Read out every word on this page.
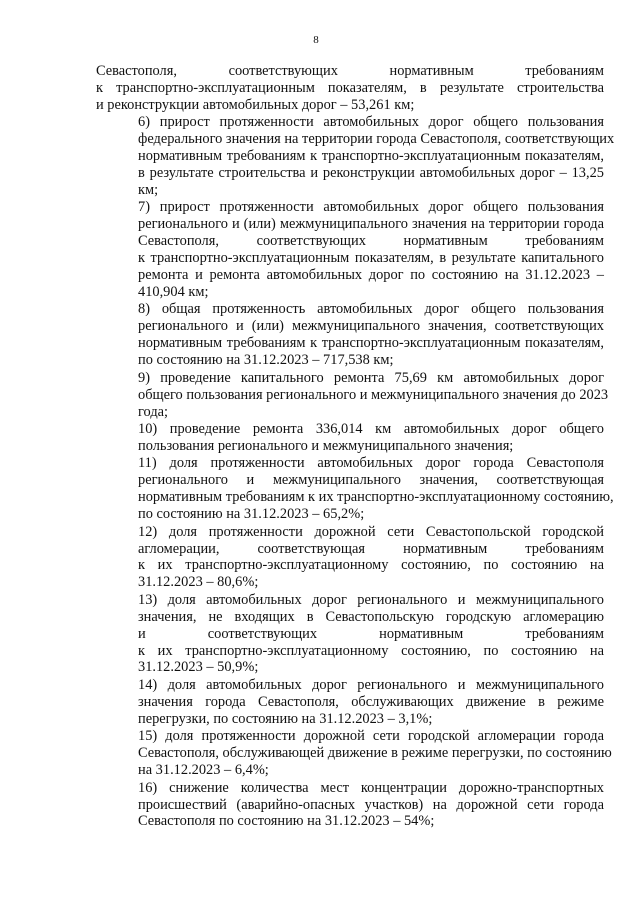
8

Севастополя, соответствующих нормативным требованиям
к транспортно-эксплуатационным показателям, в результате строительства
и реконструкции автомобильных дорог – 53,261 км;

6) прирост протяженности автомобильных дорог общего пользования
федерального значения на территории города Севастополя, соответствующих
нормативным требованиям к транспортно-эксплуатационным показателям,
в результате строительства и реконструкции автомобильных дорог – 13,25
км;

7) прирост протяженности автомобильных дорог общего пользования
регионального и (или) межмуниципального значения на территории города
Севастополя, соответствующих нормативным требованиям
к транспортно-эксплуатационным показателям, в результате капитального
ремонта и ремонта автомобильных дорог по состоянию на 31.12.2023 –
410,904 км;

8) общая протяженность автомобильных дорог общего пользования
регионального и (или) межмуниципального значения, соответствующих
нормативным требованиям к транспортно-эксплуатационным показателям,
по состоянию на 31.12.2023 – 717,538 км;

9) проведение капитального ремонта 75,69 км автомобильных дорог
общего пользования регионального и межмуниципального значения до 2023
года;

10) проведение ремонта 336,014 км автомобильных дорог общего
пользования регионального и межмуниципального значения;

11) доля протяженности автомобильных дорог города Севастополя
регионального и межмуниципального значения, соответствующая
нормативным требованиям к их транспортно-эксплуатационному состоянию,
по состоянию на 31.12.2023 – 65,2%;

12) доля протяженности дорожной сети Севастопольской городской
агломерации, соответствующая нормативным требованиям
к их транспортно-эксплуатационному состоянию, по состоянию на
31.12.2023 – 80,6%;

13) доля автомобильных дорог регионального и межмуниципального
значения, не входящих в Севастопольскую городскую агломерацию
и соответствующих нормативным требованиям
к их транспортно-эксплуатационному состоянию, по состоянию на
31.12.2023 – 50,9%;

14) доля автомобильных дорог регионального и межмуниципального
значения города Севастополя, обслуживающих движение в режиме
перегрузки, по состоянию на 31.12.2023 – 3,1%;

15) доля протяженности дорожной сети городской агломерации города
Севастополя, обслуживающей движение в режиме перегрузки, по состоянию
на 31.12.2023 – 6,4%;

16) снижение количества мест концентрации дорожно-транспортных
происшествий (аварийно-опасных участков) на дорожной сети города
Севастополя по состоянию на 31.12.2023 – 54%;
